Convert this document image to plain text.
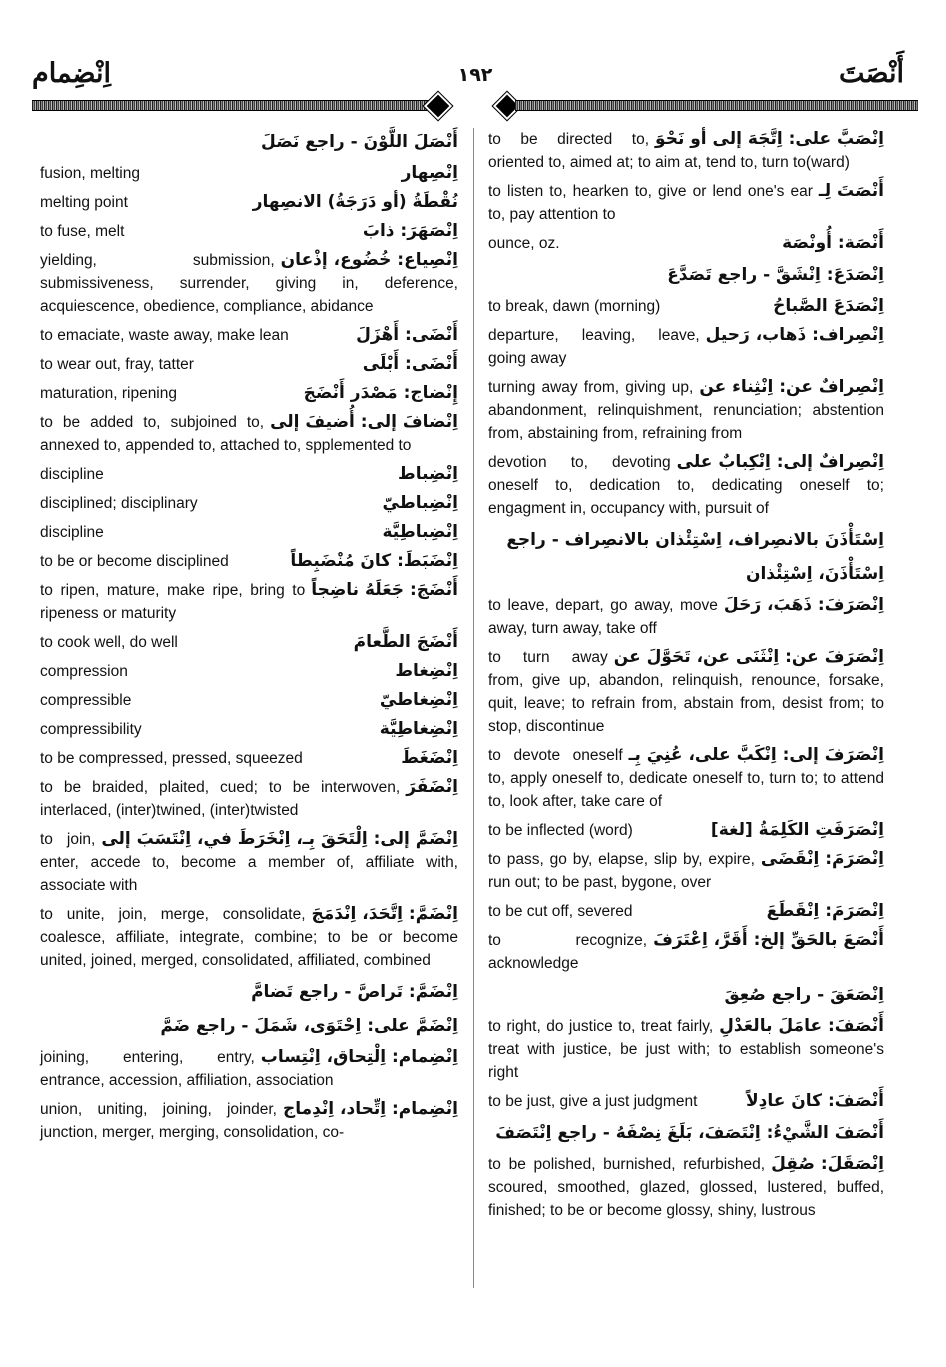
اِنْضِمام	١٩٢	أَنْصَتَ
أَنْصَلَ اللَّوْنَ - راجع نَصَلَ
اِنْصِهار
fusion, melting
نُقْطَةُ (أو دَرَجَةُ) الانصِهار
melting point
اِنْصَهَرَ: ذابَ
to fuse, melt
اِنْصِياع: خُضُوع، إذْعان
yielding, submission, submissiveness, surrender, giving in, deference, acquiescence, obedience, compliance, abidance
أَنْضَى: أَهْزَلَ
to emaciate, waste away, make lean
أَنْضَى: أَبْلَى
to wear out, fray, tatter
إِنْضاج: مَصْدَر أَنْضَجَ
maturation, ripening
اِنْضافَ إلى: أُضيفَ إلى
to be added to, subjoined to, annexed to, appended to, attached to, spplemented to
اِنْضِباط
discipline
اِنْضِباطيّ
disciplined; disciplinary
اِنْضِباطِيَّة
discipline
اِنْضَبَطَ: كانَ مُنْضَبِطاً
to be or become disciplined
أَنْضَجَ: جَعَلَهُ ناضِجاً
to ripen, mature, make ripe, bring to ripeness or maturity
أَنْضَجَ الطَّعامَ
to cook well, do well
اِنْضِغاط
compression
اِنْضِغاطيّ
compressible
اِنْضِغاطِيَّة
compressibility
اِنْضَغَطَ
to be compressed, pressed, squeezed
اِنْضَفَرَ
to be braided, plaited, cued; to be interwoven, interlaced, (inter)twined, (inter)twisted
اِنْضَمَّ إلى: اِلْتَحَقَ بِـ، اِنْخَرَطَ في، اِنْتَسَبَ إلى
to join, enter, accede to, become a member of, affiliate with, associate with
اِنْضَمَّ: اِتَّحَدَ، اِنْدَمَجَ
to unite, join, merge, consolidate, coalesce, affiliate, integrate, combine; to be or become united, joined, merged, consolidated, affiliated, combined
اِنْضَمَّ: تَراصَّ - راجع تَضامَّ
اِنْضَمَّ على: اِحْتَوَى، شَمَلَ - راجع ضَمَّ
اِنْضِمام: اِلْتِحاق، اِنْتِساب
joining, entering, entry, entrance, accession, affiliation, association
اِنْضِمام: اِتِّحاد، اِنْدِماج
union, uniting, joining, joinder, junction, merger, merging, consolidation, co-
اِنْصَبَّ على: اِتَّجَهَ إلى أو نَحْوَ
to be directed to, oriented to, aimed at; to aim at, tend to, turn to(ward)
أَنْصَتَ لِـ
to listen to, hearken to, give or lend one's ear to, pay attention to
أَنْصَة: أُونْصَة
ounce, oz.
اِنْصَدَعَ: اِنْشَقَّ - راجع تَصَدَّعَ
اِنْصَدَعَ الصَّباحُ
to break, dawn (morning)
اِنْصِراف: ذَهاب، رَحيل
departure, leaving, leave, going away
اِنْصِرافٌ عن: اِنْثِناء عن
turning away from, giving up, abandonment, relinquishment, renunciation; abstention from, abstaining from, refraining from
اِنْصِرافٌ إلى: اِنْكِبابٌ على
devotion to, devoting oneself to, dedication to, dedicating oneself to; engagment in, occupancy with, pursuit of
اِسْتَأْذَنَ بالانصِراف، اِسْتِئْذان بالانصِراف - راجع
اِسْتَأْذَنَ، اِسْتِئْذان
اِنْصَرَفَ: ذَهَبَ، رَحَلَ
to leave, depart, go away, move away, turn away, take off
اِنْصَرَفَ عن: اِنْثَنَى عن، تَحَوَّلَ عن
to turn away from, give up, abandon, relinquish, renounce, forsake, quit, leave; to refrain from, abstain from, desist from; to stop, discontinue
اِنْصَرَفَ إلى: اِنْكَبَّ على، عُنِيَ بِـ
to devote oneself to, apply oneself to, dedicate oneself to, turn to; to attend to, look after, take care of
اِنْصَرَفَتِ الكَلِمَةُ [لغة]
to be inflected (word)
اِنْصَرَمَ: اِنْقَضَى
to pass, go by, elapse, slip by, expire, run out; to be past, bygone, over
اِنْصَرَمَ: اِنْقَطَعَ
to be cut off, severed
أَنْصَعَ بالحَقِّ إلخ: أَقَرَّ، اِعْتَرَفَ
to recognize, acknowledge
اِنْصَعَقَ - راجع صُعِقَ
أَنْصَفَ: عامَلَ بالعَدْلِ
to right, do justice to, treat fairly, treat with justice, be just with; to establish someone's right
أَنْصَفَ: كانَ عادِلاً
to be just, give a just judgment
أَنْصَفَ الشَّيْءُ: اِنْتَصَفَ، بَلَغَ نِصْفَهُ - راجع اِنْتَصَفَ
اِنْصَقَلَ: صُقِلَ
to be polished, burnished, refurbished, scoured, smoothed, glazed, glossed, lustered, buffed, finished; to be or become glossy, shiny, lustrous
